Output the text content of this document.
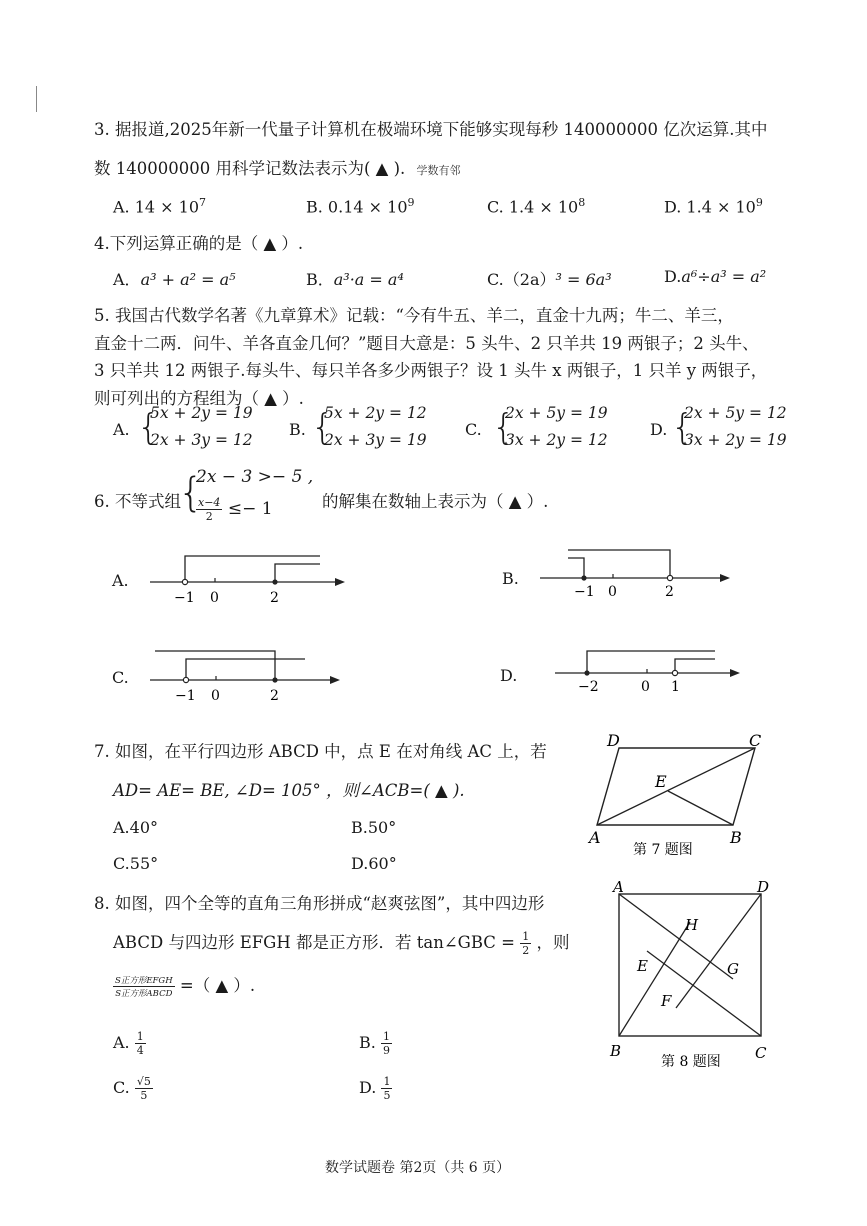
3. 据报道,2025年新一代量子计算机在极端环境下能够实现每秒 140000000 亿次运算.其中
数 140000000 用科学记数法表示为( ▲ ). 学数有邻
A. $14 \times 10^7$	B. $0.14 \times 10^9$	C. $1.4 \times 10^8$	D. $1.4 \times 10^9$
4.下列运算正确的是（ ▲ ）.
A．a³ + a² = a⁵	B．a³·a = a⁴	C.（2a）³ = 6a³	D.a⁶÷a³ = a²
5. 我国古代数学名著《九章算术》记载：“今有牛五、羊二，直金十九两；牛二、羊三，
直金十二两．问牛、羊各直金几何？”题目大意是：5 头牛、2 只羊共 19 两银子；2 头牛、
3 只羊共 12 两银子.每头牛、每只羊各多少两银子？设 1 头牛 x 两银子，1 只羊 y 两银子，
则可列出的方程组为（ ▲ ）.
A. {
5x + 2y = 19
2x + 3y = 12
B. {
5x + 2y = 12
2x + 3y = 19
C. {
2x + 5y = 19
3x + 2y = 12
D. {
2x + 5y = 12
3x + 2y = 19
6. 不等式组
{
2x − 3 >− 5 ,
$\frac{x-4}{2} \le- 1$	的解集在数轴上表示为（ ▲ ）.
A.
−1 0	2
B.
−1 0	2
C.
−1 0	2
D.
−2	0 1
7. 如图，在平行四边形 ABCD 中，点 E 在对角线 AC 上，若
AD= AE= BE, ∠D= 105° ，则∠ACB=( ▲ ).
A.40°	B.50°
C.55°	D.60°
A	B
C
D
E
第 7 题图
8. 如图，四个全等的直角三角形拼成“赵爽弦图”，其中四边形
ABCD 与四边形 EFGH 都是正方形．若 tan∠GBC = $\frac{1}{2}$ ，则
$\frac{\text{S正方形EFGH}}{\text{S正方形ABCD}}$ =（ ▲ ）.
A. $\frac{1}{4}$	B. $\frac{1}{9}$
C. $\frac{√5}{5}$	D. $\frac{1}{5}$
A
B	C
D
H
E	G
F
第 8 题图
数学试题卷 第2页（共 6 页）
